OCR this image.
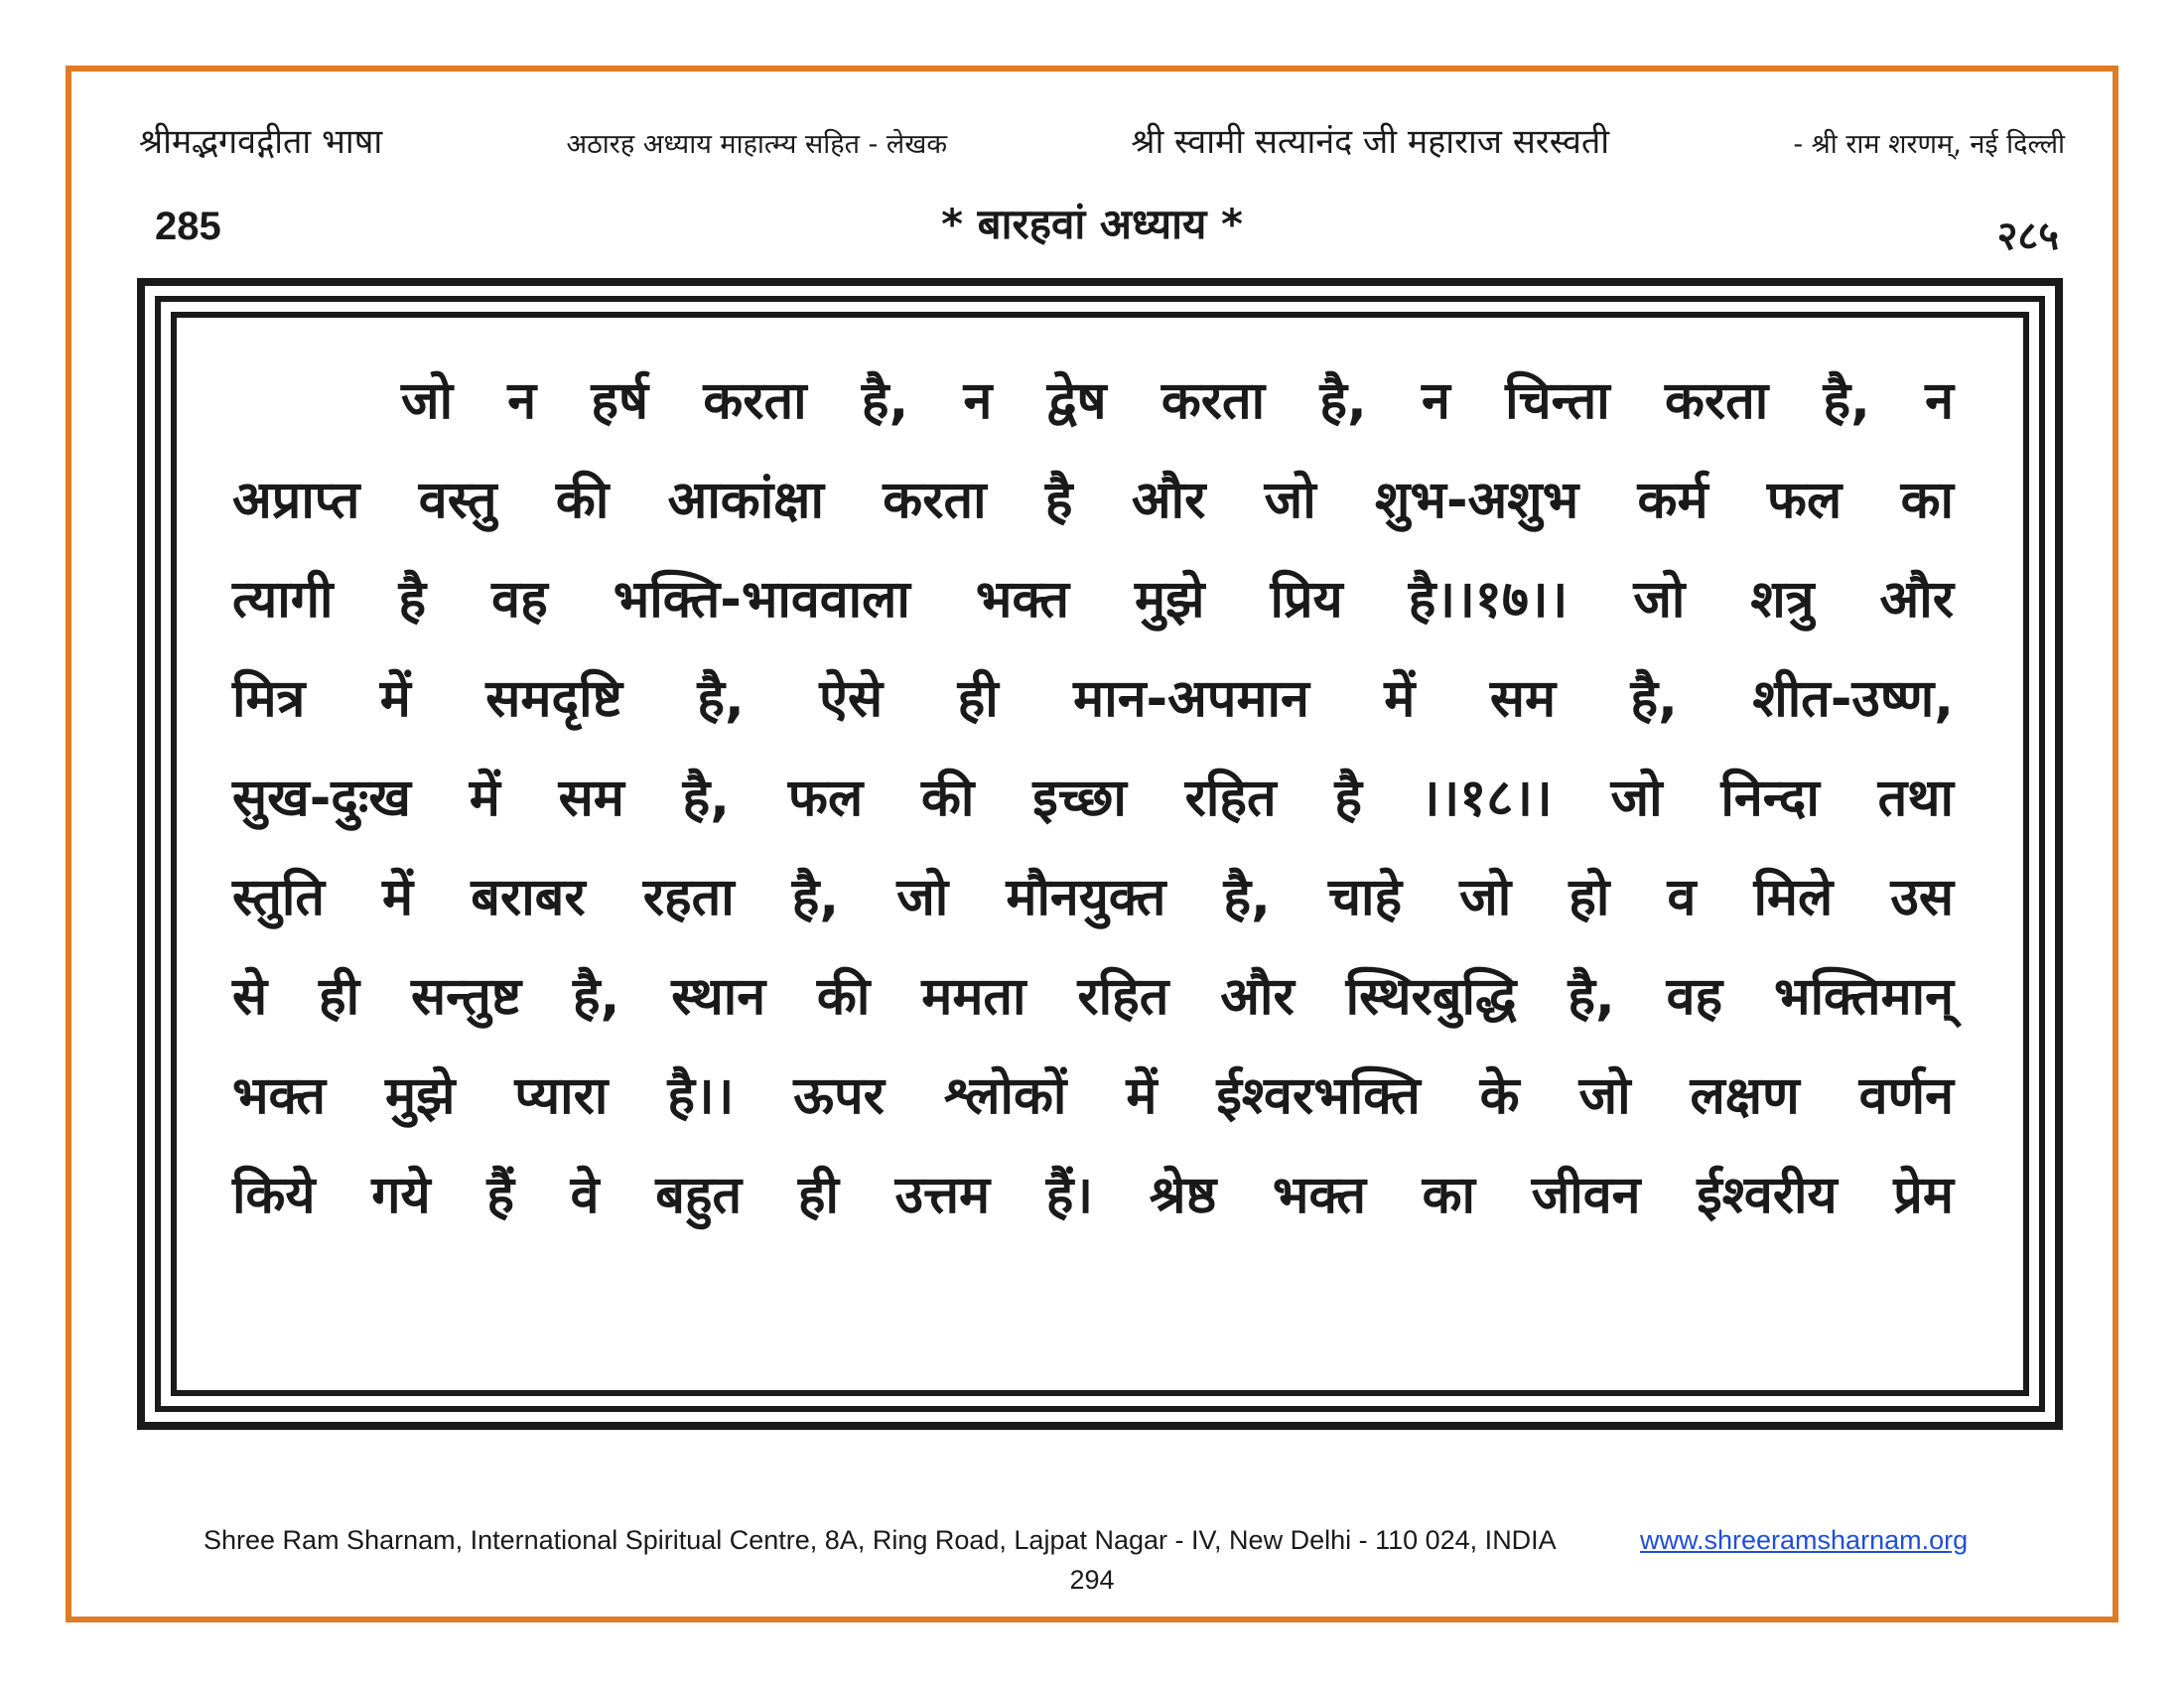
श्रीमद्भगवद्गीता भाषा	अठारह अध्याय माहात्म्य सहित - लेखक	श्री स्वामी सत्यानंद जी महाराज सरस्वती	- श्री राम शरणम्, नई दिल्ली
285	* बारहवां अध्याय *	२८५
जो न हर्ष करता है, न द्वेष करता है, न चिन्ता करता है, न
अप्राप्त वस्तु की आकांक्षा करता है और जो शुभ-अशुभ कर्म फल का
त्यागी है वह भक्ति-भाववाला भक्त मुझे प्रिय है।।१७।। जो शत्रु और
मित्र में समदृष्टि है, ऐसे ही मान-अपमान में सम है, शीत-उष्ण,
सुख-दुःख में सम है, फल की इच्छा रहित है ।।१८।। जो निन्दा तथा
स्तुति में बराबर रहता है, जो मौनयुक्त है, चाहे जो हो व मिले उस
से ही सन्तुष्ट है, स्थान की ममता रहित और स्थिरबुद्धि है, वह भक्तिमान्
भक्त मुझे प्यारा है।। ऊपर श्लोकों में ईश्वरभक्ति के जो लक्षण वर्णन
किये गये हैं वे बहुत ही उत्तम हैं। श्रेष्ठ भक्त का जीवन ईश्वरीय प्रेम
Shree Ram Sharnam, International Spiritual Centre, 8A, Ring Road, Lajpat Nagar - IV, New Delhi - 110 024, INDIA	www.shreeramsharnam.org
294
